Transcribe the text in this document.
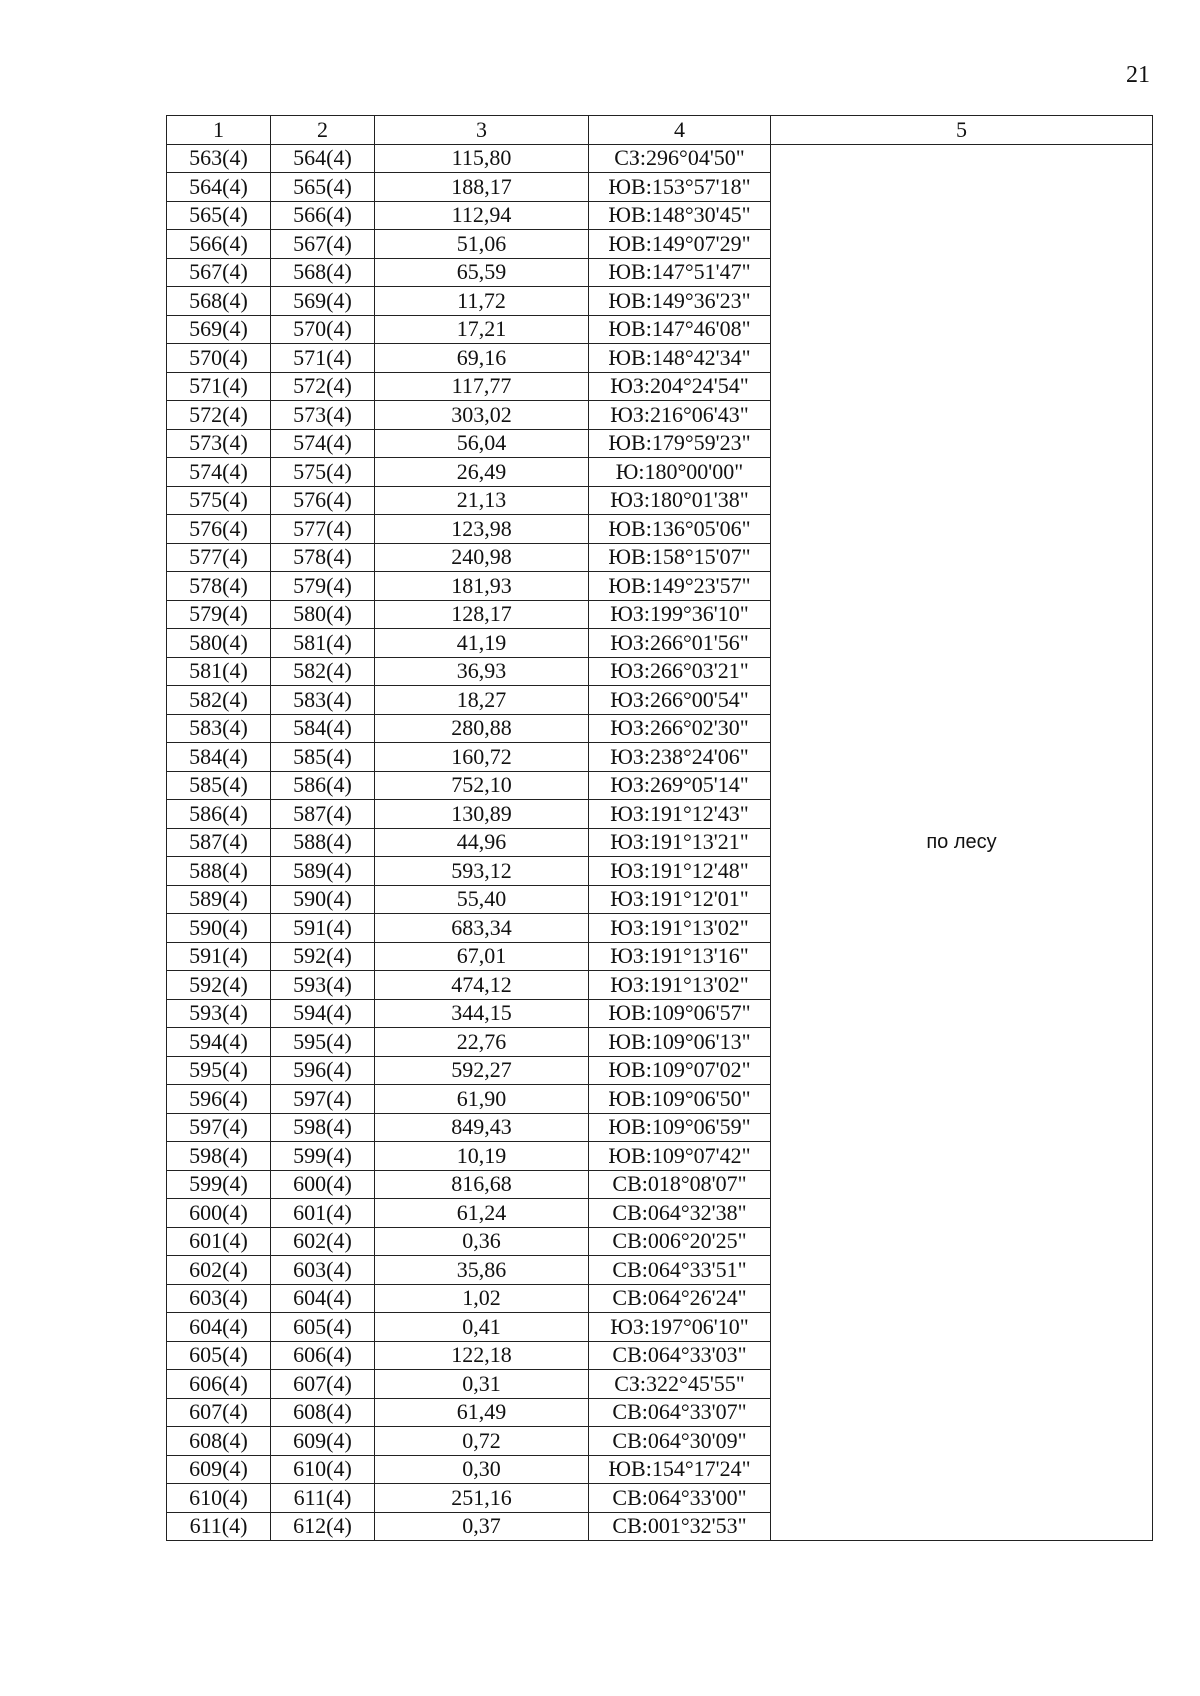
21
1	2	3	4	5
563(4)	564(4)	115,80	СЗ:296°04'50"	по лесу
564(4)	565(4)	188,17	ЮВ:153°57'18"	
565(4)	566(4)	112,94	ЮВ:148°30'45"	
566(4)	567(4)	51,06	ЮВ:149°07'29"	
567(4)	568(4)	65,59	ЮВ:147°51'47"	
568(4)	569(4)	11,72	ЮВ:149°36'23"	
569(4)	570(4)	17,21	ЮВ:147°46'08"	
570(4)	571(4)	69,16	ЮВ:148°42'34"	
571(4)	572(4)	117,77	ЮЗ:204°24'54"	
572(4)	573(4)	303,02	ЮЗ:216°06'43"	
573(4)	574(4)	56,04	ЮВ:179°59'23"	
574(4)	575(4)	26,49	Ю:180°00'00"	
575(4)	576(4)	21,13	ЮЗ:180°01'38"	
576(4)	577(4)	123,98	ЮВ:136°05'06"	
577(4)	578(4)	240,98	ЮВ:158°15'07"	
578(4)	579(4)	181,93	ЮВ:149°23'57"	
579(4)	580(4)	128,17	ЮЗ:199°36'10"	
580(4)	581(4)	41,19	ЮЗ:266°01'56"	
581(4)	582(4)	36,93	ЮЗ:266°03'21"	
582(4)	583(4)	18,27	ЮЗ:266°00'54"	
583(4)	584(4)	280,88	ЮЗ:266°02'30"	
584(4)	585(4)	160,72	ЮЗ:238°24'06"	
585(4)	586(4)	752,10	ЮЗ:269°05'14"	
586(4)	587(4)	130,89	ЮЗ:191°12'43"	
587(4)	588(4)	44,96	ЮЗ:191°13'21"	
588(4)	589(4)	593,12	ЮЗ:191°12'48"	
589(4)	590(4)	55,40	ЮЗ:191°12'01"	
590(4)	591(4)	683,34	ЮЗ:191°13'02"	
591(4)	592(4)	67,01	ЮЗ:191°13'16"	
592(4)	593(4)	474,12	ЮЗ:191°13'02"	
593(4)	594(4)	344,15	ЮВ:109°06'57"	
594(4)	595(4)	22,76	ЮВ:109°06'13"	
595(4)	596(4)	592,27	ЮВ:109°07'02"	
596(4)	597(4)	61,90	ЮВ:109°06'50"	
597(4)	598(4)	849,43	ЮВ:109°06'59"	
598(4)	599(4)	10,19	ЮВ:109°07'42"	
599(4)	600(4)	816,68	СВ:018°08'07"	
600(4)	601(4)	61,24	СВ:064°32'38"	
601(4)	602(4)	0,36	СВ:006°20'25"	
602(4)	603(4)	35,86	СВ:064°33'51"	
603(4)	604(4)	1,02	СВ:064°26'24"	
604(4)	605(4)	0,41	ЮЗ:197°06'10"	
605(4)	606(4)	122,18	СВ:064°33'03"	
606(4)	607(4)	0,31	СЗ:322°45'55"	
607(4)	608(4)	61,49	СВ:064°33'07"	
608(4)	609(4)	0,72	СВ:064°30'09"	
609(4)	610(4)	0,30	ЮВ:154°17'24"	
610(4)	611(4)	251,16	СВ:064°33'00"	
611(4)	612(4)	0,37	СВ:001°32'53"	
